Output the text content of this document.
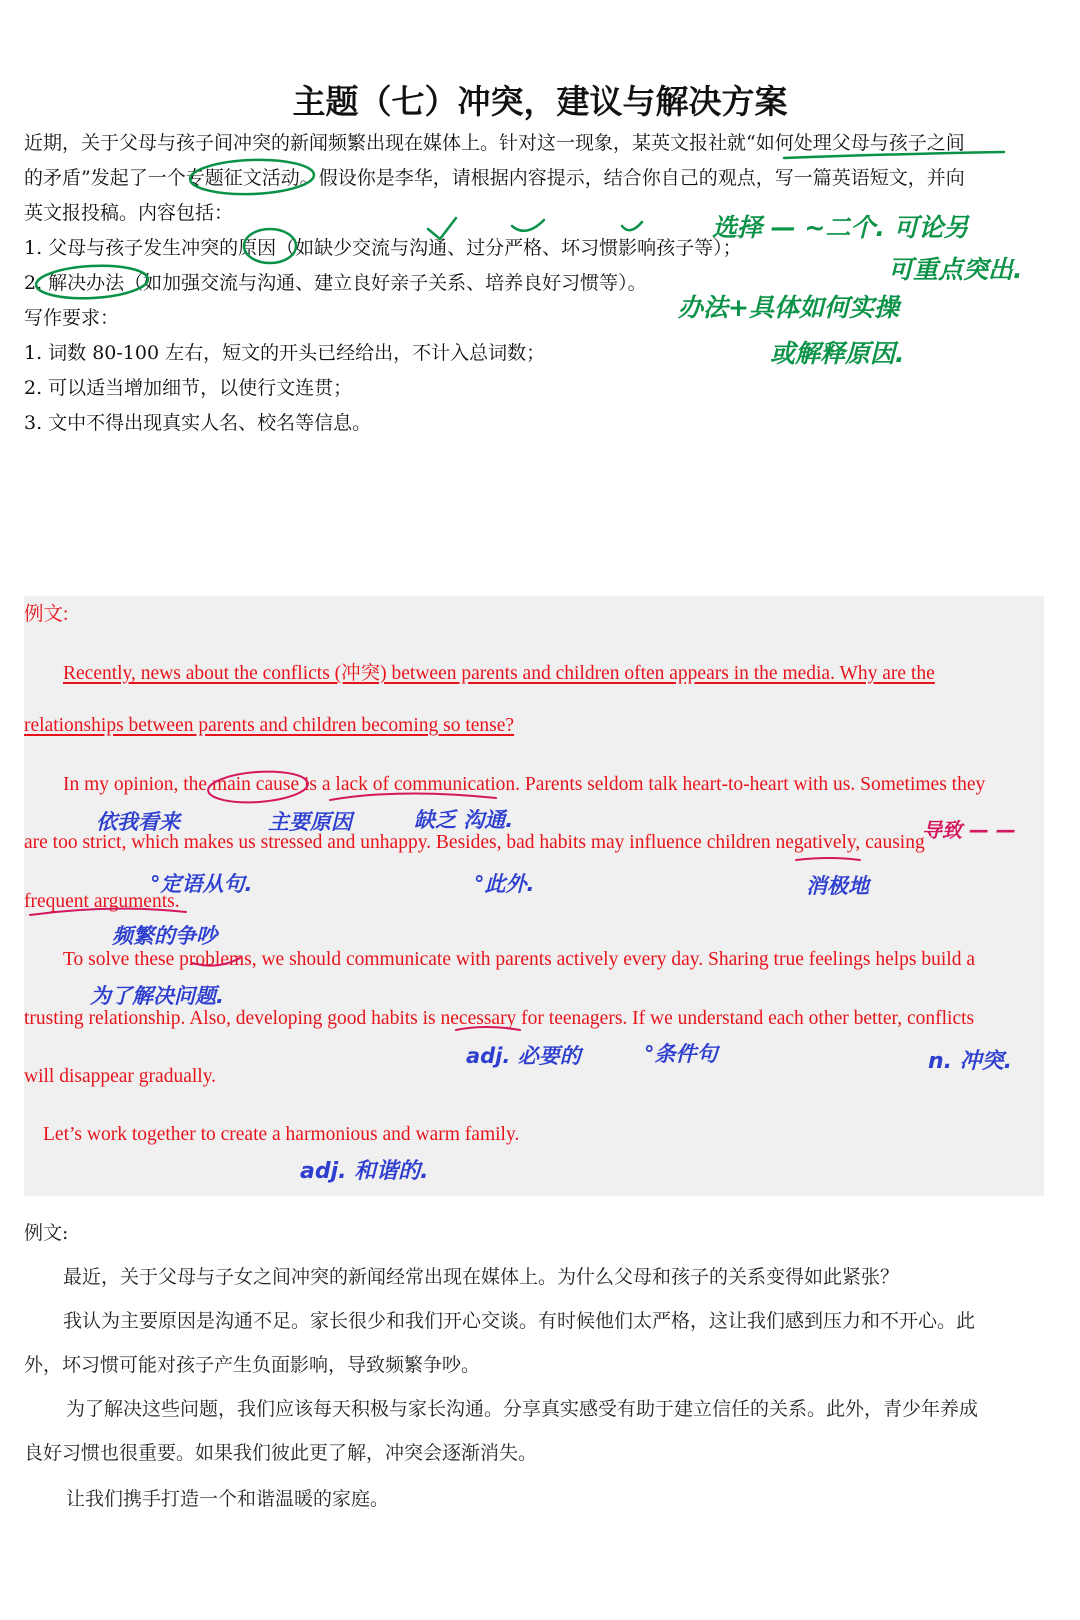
主题（七）冲突，建议与解决方案
近期，关于父母与孩子间冲突的新闻频繁出现在媒体上。针对这一现象，某英文报社就“如何处理父母与孩子之间
的矛盾”发起了一个专题征文活动。假设你是李华，请根据内容提示，结合你自己的观点，写一篇英语短文，并向
英文报投稿。内容包括：
1. 父母与孩子发生冲突的原因（如缺少交流与沟通、过分严格、坏习惯影响孩子等）；
2. 解决办法（如加强交流与沟通、建立良好亲子关系、培养良好习惯等）。
写作要求：
1. 词数 80-100 左右，短文的开头已经给出，不计入总词数；
2. 可以适当增加细节，以使行文连贯；
3. 文中不得出现真实人名、校名等信息。
选择 — ~二个. 可论另
可重点突出.
办法+具体如何实操
或解释原因.
例文:
Recently, news about the conflicts (冲突) between parents and children often appears in the media. Why are the
relationships between parents and children becoming so tense?
In my opinion, the main cause is a lack of communication. Parents seldom talk heart-to-heart with us. Sometimes they
are too strict, which makes us stressed and unhappy. Besides, bad habits may influence children negatively, causing
frequent arguments.
To solve these problems, we should communicate with parents actively every day. Sharing true feelings helps build a
trusting relationship. Also, developing good habits is necessary for teenagers. If we understand each other better, conflicts
will disappear gradually.
Let’s work together to create a harmonious and warm family.
依我看来	主要原因	缺乏 沟通.	导致 — —
°定语从句.	°此外.	消极地
频繁的争吵
为了解决问题.
adj. 必要的	°条件句	n. 冲突.
adj. 和谐的.
例文:
最近，关于父母与子女之间冲突的新闻经常出现在媒体上。为什么父母和孩子的关系变得如此紧张？
我认为主要原因是沟通不足。家长很少和我们开心交谈。有时候他们太严格，这让我们感到压力和不开心。此
外，坏习惯可能对孩子产生负面影响，导致频繁争吵。
为了解决这些问题，我们应该每天积极与家长沟通。分享真实感受有助于建立信任的关系。此外，青少年养成
良好习惯也很重要。如果我们彼此更了解，冲突会逐渐消失。
让我们携手打造一个和谐温暖的家庭。
